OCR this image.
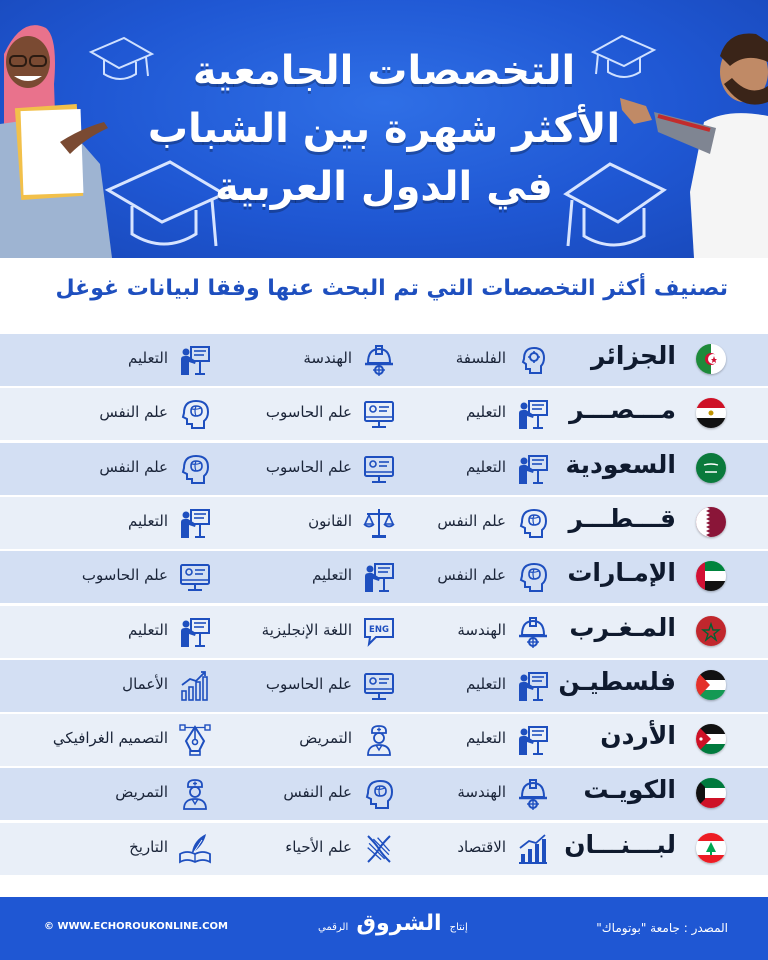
التخصصات الجامعية
الأكثر شهرة بين الشباب
في الدول العربية
تصنيف أكثر التخصصات التي تم البحث عنها وفقا لبيانات غوغل
الجزائر
الفلسفة
الهندسة
التعليم
مـــصـــر
التعليم
علم الحاسوب
علم النفس
السعودية
التعليم
علم الحاسوب
علم النفس
قـــطـــر
علم النفس
القانون
التعليم
الإمـارات
علم النفس
التعليم
علم الحاسوب
المـغـرب
الهندسة
ENG
اللغة الإنجليزية
التعليم
فلسطيـن
التعليم
علم الحاسوب
الأعمال
الأردن
التعليم
التمريض
التصميم الغرافيكي
الكويـت
الهندسة
علم النفس
التمريض
لبـــنـــان
الاقتصاد
علم الأحياء
التاريخ
© WWW.ECHOROUKONLINE.COM	إنتاج الشروق الرقمي	المصدر : جامعة "بوتوماك"
